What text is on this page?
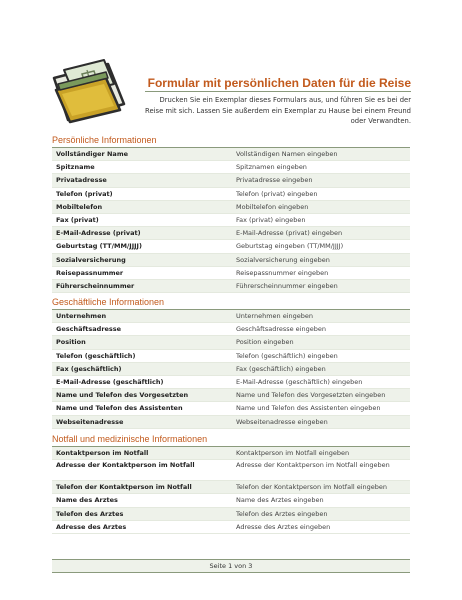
Formular mit persönlichen Daten für die Reise
Drucken Sie ein Exemplar dieses Formulars aus, und führen Sie es bei der Reise mit sich. Lassen Sie außerdem ein Exemplar zu Hause bei einem Freund oder Verwandten.
Persönliche Informationen
Vollständiger Name	Vollständigen Namen eingeben
Spitzname	Spitznamen eingeben
Privatadresse	Privatadresse eingeben
Telefon (privat)	Telefon (privat) eingeben
Mobiltelefon	Mobiltelefon eingeben
Fax (privat)	Fax (privat) eingeben
E-Mail-Adresse (privat)	E-Mail-Adresse (privat) eingeben
Geburtstag (TT/MM/JJJJ)	Geburtstag eingeben (TT/MM/JJJJ)
Sozialversicherung	Sozialversicherung eingeben
Reisepassnummer	Reisepassnummer eingeben
Führerscheinnummer	Führerscheinnummer eingeben
Geschäftliche Informationen
Unternehmen	Unternehmen eingeben
Geschäftsadresse	Geschäftsadresse eingeben
Position	Position eingeben
Telefon (geschäftlich)	Telefon (geschäftlich) eingeben
Fax (geschäftlich)	Fax (geschäftlich) eingeben
E-Mail-Adresse (geschäftlich)	E-Mail-Adresse (geschäftlich) eingeben
Name und Telefon des Vorgesetzten	Name und Telefon des Vorgesetzten eingeben
Name und Telefon des Assistenten	Name und Telefon des Assistenten eingeben
Webseitenadresse	Webseitenadresse eingeben
Notfall und medizinische Informationen
Kontaktperson im Notfall	Kontaktperson im Notfall eingeben
Adresse der Kontaktperson im Notfall	Adresse der Kontaktperson im Notfall eingeben
Telefon der Kontaktperson im Notfall	Telefon der Kontaktperson im Notfall eingeben
Name des Arztes	Name des Arztes eingeben
Telefon des Arztes	Telefon des Arztes eingeben
Adresse des Arztes	Adresse des Arztes eingeben
Seite 1 von 3
